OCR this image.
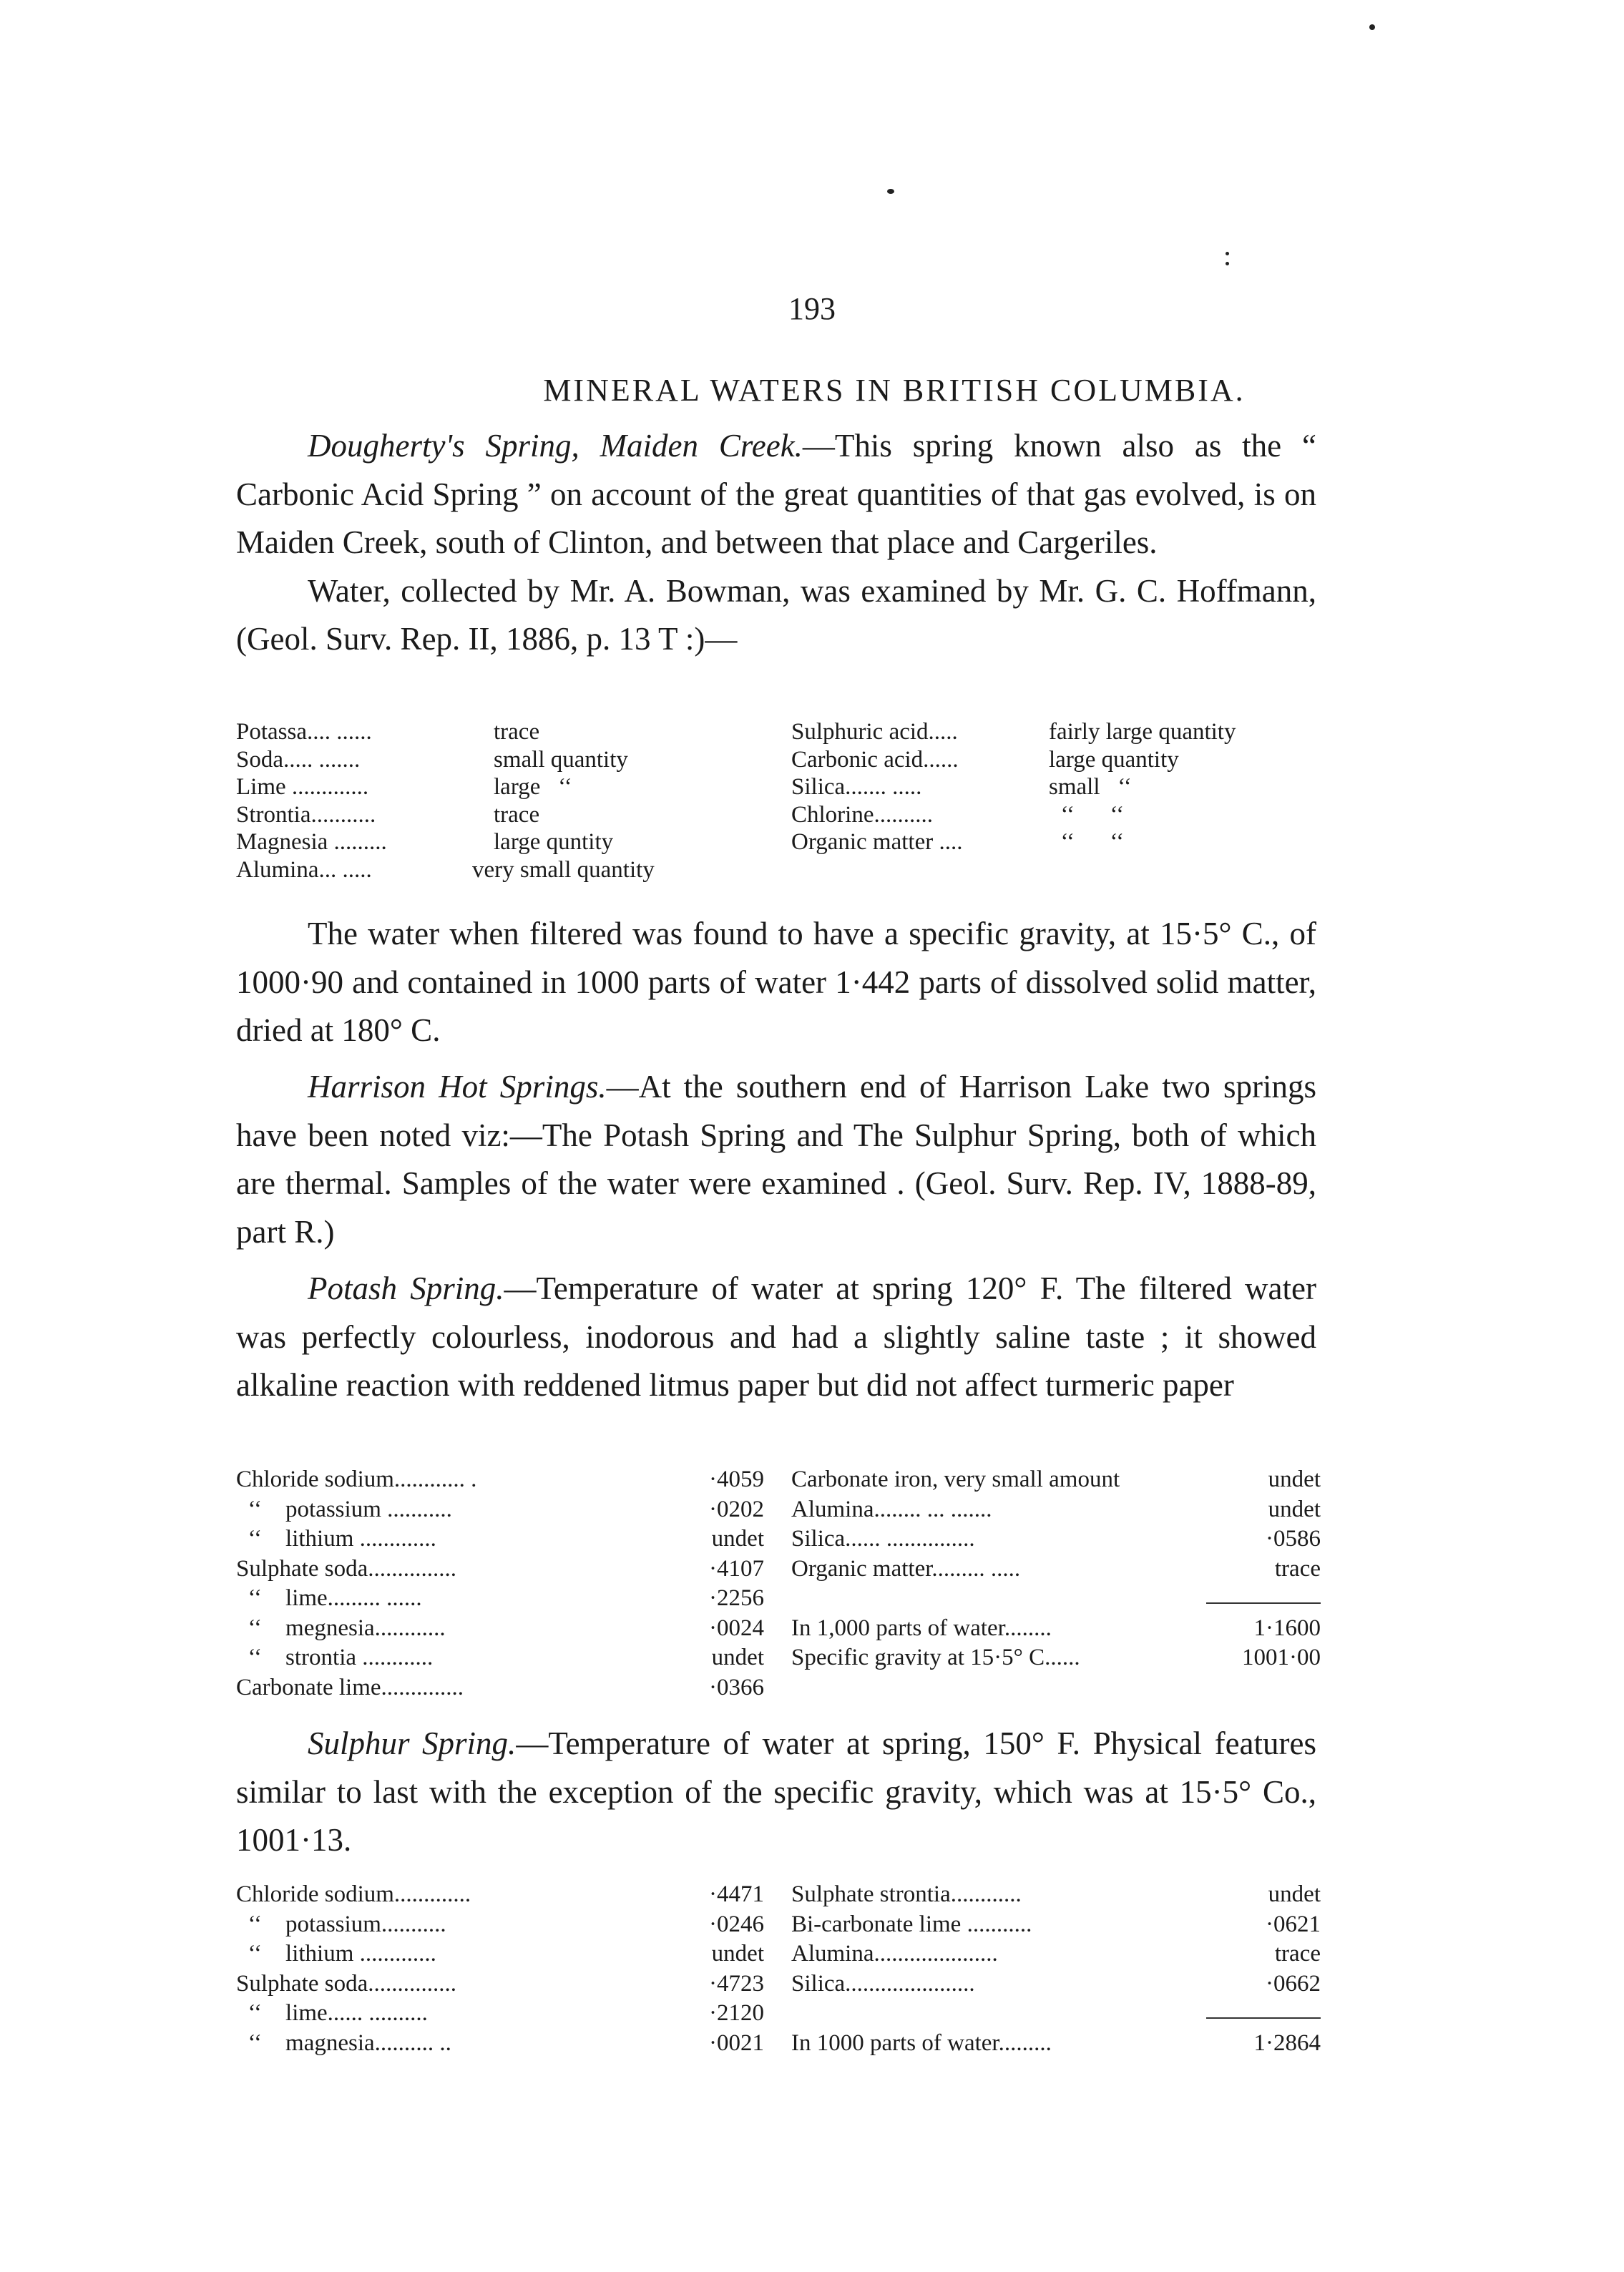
193
MINERAL WATERS IN BRITISH COLUMBIA.

Dougherty's Spring, Maiden Creek.—This spring known also as the “ Carbonic Acid Spring ” on account of the great quantities of that gas evolved, is on Maiden Creek, south of Clinton, and between that place and Cargeriles.

Water, collected by Mr. A. Bowman, was examined by Mr. G. C. Hoffmann, (Geol. Surv. Rep. II, 1886, p. 13 T :)—

Potassa.... ......	trace
Soda..... .......	small quantity
Lime .............	large   ‘‘
Strontia...........	trace
Magnesia .........	large quntity
Alumina... .....	very small quantity
Sulphuric acid.....	fairly large quantity
Carbonic acid......	large quantity
Silica....... .....	small   ‘‘
Chlorine..........	‘‘      ‘‘
Organic matter ....	‘‘      ‘‘

The water when filtered was found to have a specific gravity, at 15·5° C., of 1000·90 and contained in 1000 parts of water 1·442 parts of dissolved solid matter, dried at 180° C.

Harrison Hot Springs.—At the southern end of Harrison Lake two springs have been noted viz:—The Potash Spring and The Sulphur Spring, both of which are thermal. Samples of the water were examined . (Geol. Surv. Rep. IV, 1888-89, part R.)

Potash Spring.—Temperature of water at spring 120° F. The filtered water was perfectly colourless, inodorous and had a slightly saline taste ; it showed alkaline reaction with reddened litmus paper but did not affect turmeric paper

Chloride sodium............ .	·4059
‘‘    potassium ...........	·0202
‘‘    lithium .............	undet
Sulphate soda...............	·4107
‘‘    lime......... ......	·2256
‘‘    megnesia............	·0024
‘‘    strontia ............	undet
Carbonate lime..............	·0366
Carbonate iron, very small amount	undet
Alumina........ ... .......	undet
Silica...... ...............	·0586
Organic matter......... .....	trace
In 1,000 parts of water........	1·1600
Specific gravity at 15·5° C......	1001·00

Sulphur Spring.—Temperature of water at spring, 150° F. Physical features similar to last with the exception of the specific gravity, which was at 15·5° Co., 1001·13.

Chloride sodium.............	·4471
‘‘    potassium...........	·0246
‘‘    lithium .............	undet
Sulphate soda...............	·4723
‘‘    lime...... ..........	·2120
‘‘    magnesia.......... ..	·0021
Sulphate strontia............	undet
Bi-carbonate lime ...........	·0621
Alumina.....................	trace
Silica......................	·0662
In 1000 parts of water.........	1·2864
